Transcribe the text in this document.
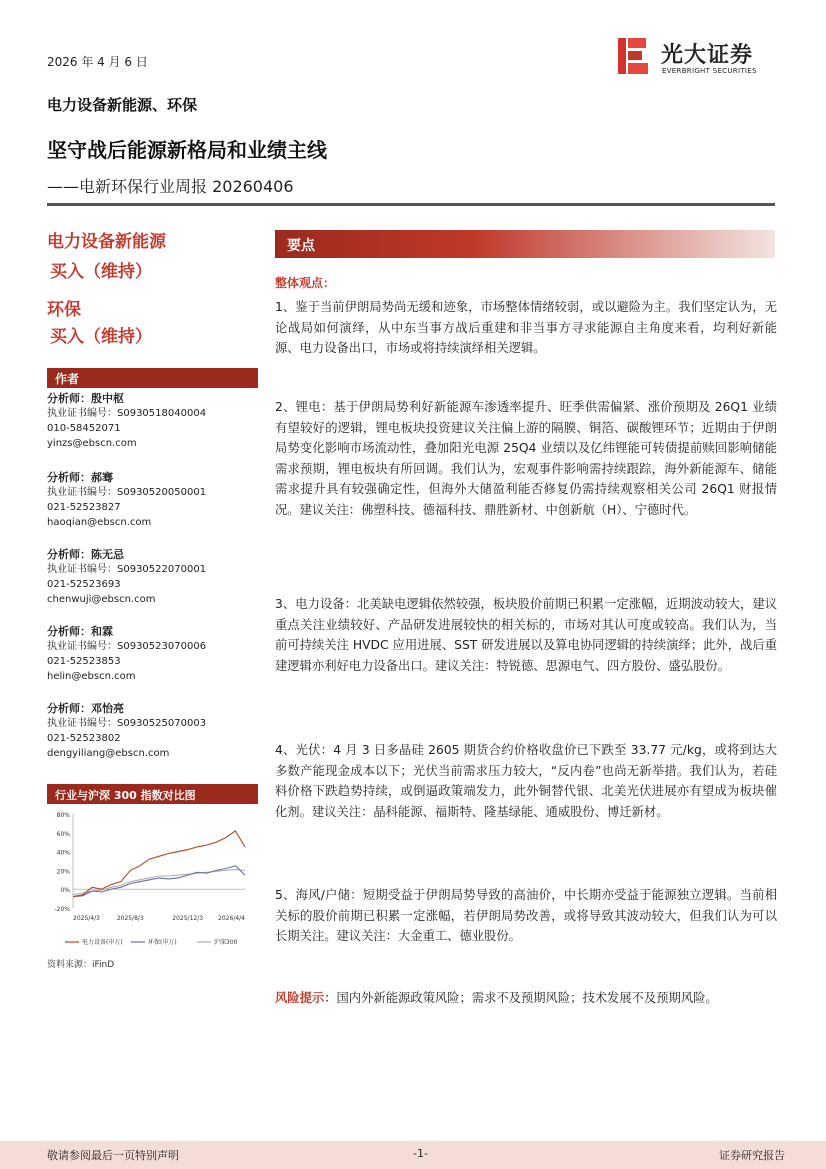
2026 年 4 月 6 日	光大证券
EVERBRIGHT SECURITIES
电力设备新能源、环保
坚守战后能源新格局和业绩主线
——电新环保行业周报 20260406
电力设备新能源
买入（维持）
环保
买入（维持）
作者
分析师：殷中枢
执业证书编号：S0930518040004
010-58452071
yinzs@ebscn.com
分析师：郝骞
执业证书编号：S0930520050001
021-52523827
haoqian@ebscn.com
分析师：陈无忌
执业证书编号：S0930522070001
021-52523693
chenwuji@ebscn.com
分析师：和霖
执业证书编号：S0930523070006
021-52523853
helin@ebscn.com
分析师：邓怡亮
执业证书编号：S0930525070003
021-52523802
dengyiliang@ebscn.com
行业与沪深 300 指数对比图
80%
60%
40%
20%
0%
-20%
2025/4/3	2025/8/3	2025/12/3 2026/4/4
电力设备(申万)	环保(申万)	沪深300
资料来源：iFinD
要点
整体观点：
1、鉴于当前伊朗局势尚无缓和迹象，市场整体情绪较弱，或以避险为主。我们坚定认为，无论战局如何演绎，从中东当事方战后重建和非当事方寻求能源自主角度来看，均利好新能源、电力设备出口，市场或将持续演绎相关逻辑。
2、锂电：基于伊朗局势利好新能源车渗透率提升、旺季供需偏紧、涨价预期及 26Q1 业绩有望较好的逻辑，锂电板块投资建议关注偏上游的隔膜、铜箔、碳酸锂环节；近期由于伊朗局势变化影响市场流动性，叠加阳光电源 25Q4 业绩以及亿纬锂能可转债提前赎回影响储能需求预期，锂电板块有所回调。我们认为，宏观事件影响需持续跟踪，海外新能源车、储能需求提升具有较强确定性，但海外大储盈利能否修复仍需持续观察相关公司 26Q1 财报情况。建议关注：佛塑科技、德福科技、鼎胜新材、中创新航（H）、宁德时代。
3、电力设备：北美缺电逻辑依然较强，板块股价前期已积累一定涨幅，近期波动较大，建议重点关注业绩较好、产品研发进展较快的相关标的，市场对其认可度或较高。我们认为，当前可持续关注 HVDC 应用进展、SST 研发进展以及算电协同逻辑的持续演绎；此外，战后重建逻辑亦利好电力设备出口。建议关注：特锐德、思源电气、四方股份、盛弘股份。
4、光伏：4 月 3 日多晶硅 2605 期货合约价格收盘价已下跌至 33.77 元/kg，或将到达大多数产能现金成本以下；光伏当前需求压力较大，“反内卷”也尚无新举措。我们认为，若硅料价格下跌趋势持续，或倒逼政策端发力，此外铜替代银、北美光伏进展亦有望成为板块催化剂。建议关注：晶科能源、福斯特、隆基绿能、通威股份、博迁新材。
5、海风/户储：短期受益于伊朗局势导致的高油价，中长期亦受益于能源独立逻辑。当前相关标的股价前期已积累一定涨幅，若伊朗局势改善，或将导致其波动较大，但我们认为可以长期关注。建议关注：大金重工、德业股份。
风险提示：国内外新能源政策风险；需求不及预期风险；技术发展不及预期风险。
敬请参阅最后一页特别声明	-1-	证券研究报告
